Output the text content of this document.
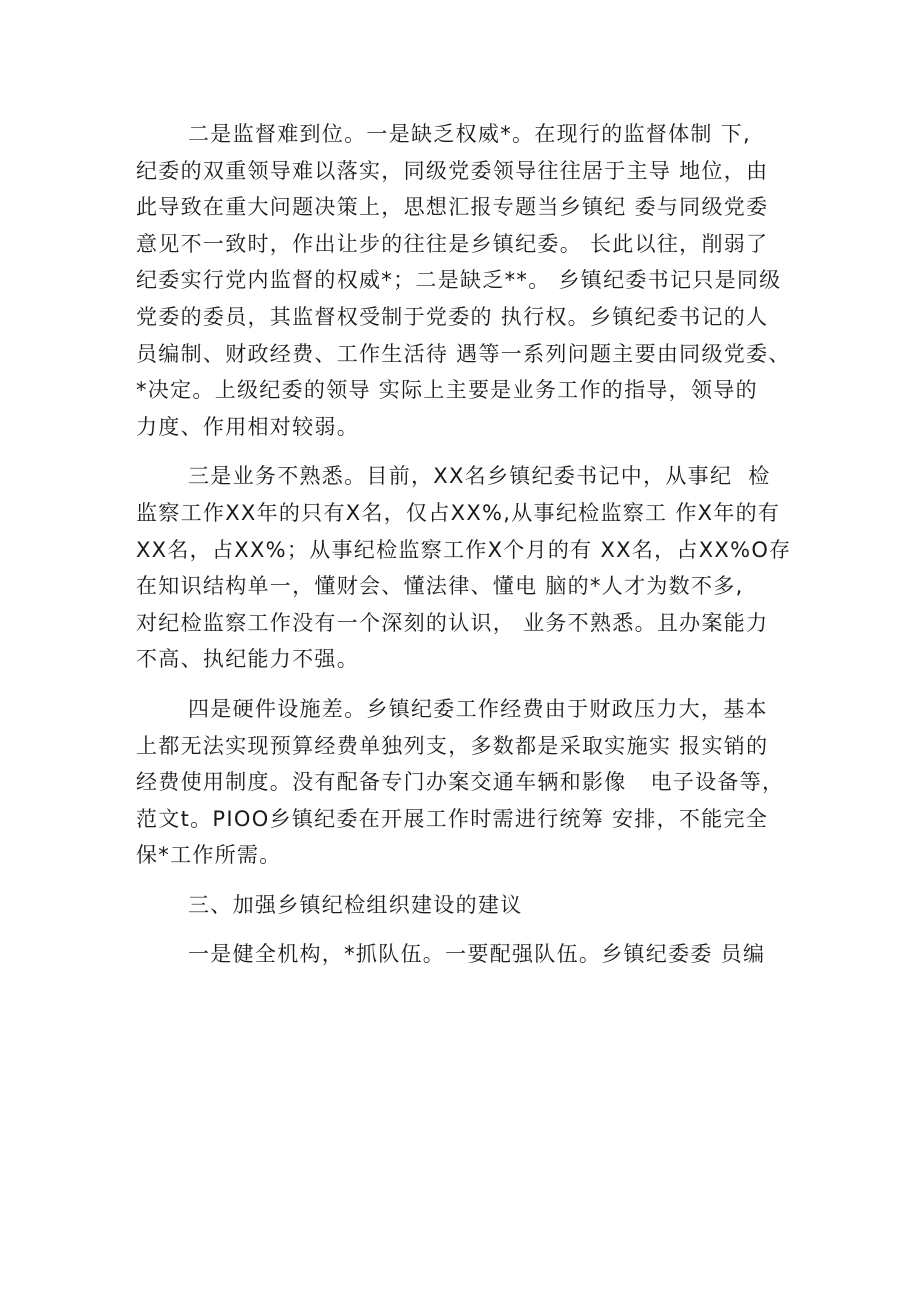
二是监督难到位。一是缺乏权威*。在现行的监督体制 下,
纪委的双重领导难以落实，同级党委领导往往居于主导 地位，由
此导致在重大问题决策上，思想汇报专题当乡镇纪 委与同级党委
意见不一致时，作出让步的往往是乡镇纪委。 长此以往，削弱了
纪委实行党内监督的权威*；二是缺乏**。 乡镇纪委书记只是同级
党委的委员，其监督权受制于党委的 执行权。乡镇纪委书记的人
员编制、财政经费、工作生活待 遇等一系列问题主要由同级党委、
*决定。上级纪委的领导 实际上主要是业务工作的指导，领导的
力度、作用相对较弱。
三是业务不熟悉。目前，XX名乡镇纪委书记中，从事纪  检
监察工作XX年的只有X名，仅占XX%,从事纪检监察工 作X年的有
XX名，占XX%；从事纪检监察工作X个月的有 XX名，占XX%O存
在知识结构单一，懂财会、懂法律、懂电 脑的*人才为数不多,
对纪检监察工作没有一个深刻的认识， 业务不熟悉。且办案能力
不高、执纪能力不强。
四是硬件设施差。乡镇纪委工作经费由于财政压力大，基本
上都无法实现预算经费单独列支，多数都是采取实施实 报实销的
经费使用制度。没有配备专门办案交通车辆和影像   电子设备等，
范文t。PIOO乡镇纪委在开展工作时需进行统筹 安排，不能完全
保*工作所需。
三、加强乡镇纪检组织建设的建议
一是健全机构，*抓队伍。一要配强队伍。乡镇纪委委 员编
